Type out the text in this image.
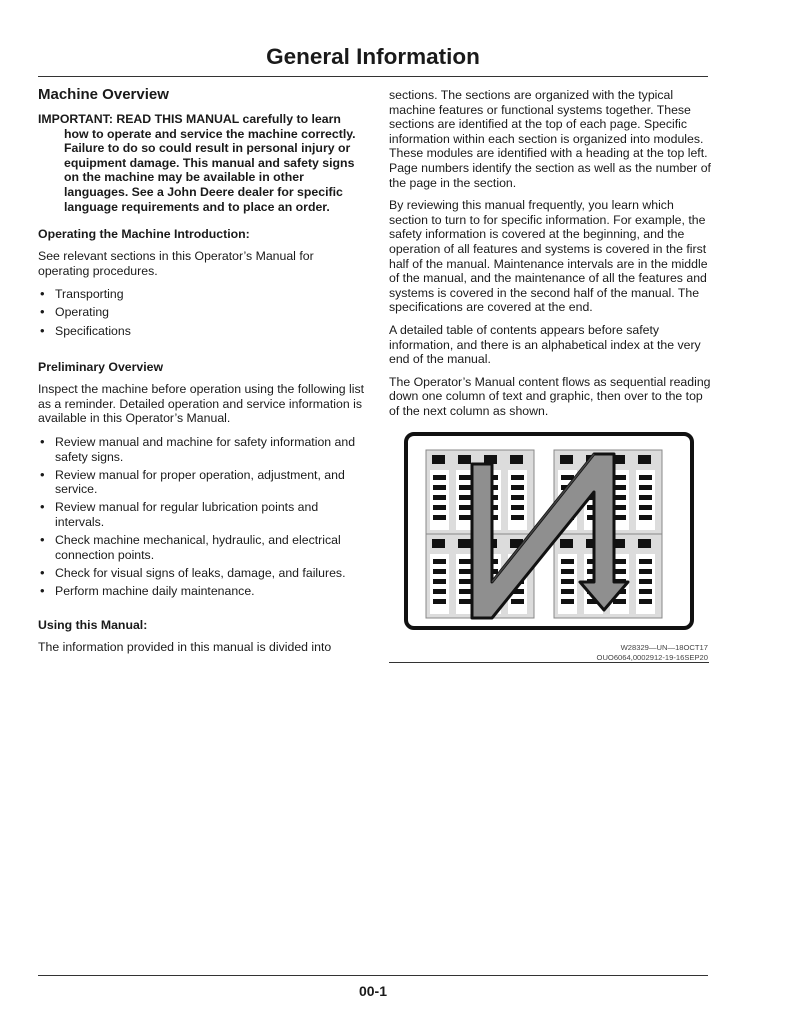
General Information
Machine Overview
IMPORTANT: READ THIS MANUAL carefully to learn how to operate and service the machine correctly. Failure to do so could result in personal injury or equipment damage. This manual and safety signs on the machine may be available in other languages. See a John Deere dealer for specific language requirements and to place an order.
Operating the Machine Introduction:

See relevant sections in this Operator’s Manual for operating procedures.

• Transporting
• Operating
• Specifications
Preliminary Overview

Inspect the machine before operation using the following list as a reminder. Detailed operation and service information is available in this Operator’s Manual.

• Review manual and machine for safety information and safety signs.
• Review manual for proper operation, adjustment, and service.
• Review manual for regular lubrication points and intervals.
• Check machine mechanical, hydraulic, and electrical connection points.
• Check for visual signs of leaks, damage, and failures.
• Perform machine daily maintenance.
Using this Manual:

The information provided in this manual is divided into

sections. The sections are organized with the typical machine features or functional systems together. These sections are identified at the top of each page. Specific information within each section is organized into modules. These modules are identified with a heading at the top left. Page numbers identify the section as well as the number of the page in the section.

By reviewing this manual frequently, you learn which section to turn to for specific information. For example, the safety information is covered at the beginning, and the operation of all features and systems is covered in the first half of the manual. Maintenance intervals are in the middle of the manual, and the maintenance of all the features and systems is covered in the second half of the manual. The specifications are covered at the end.

A detailed table of contents appears before safety information, and there is an alphabetical index at the very end of the manual.

The Operator’s Manual content flows as sequential reading down one column of text and graphic, then over to the top of the next column as shown.

W28329—UN—18OCT17
OUO6064,0002912-19-16SEP20
00-1
